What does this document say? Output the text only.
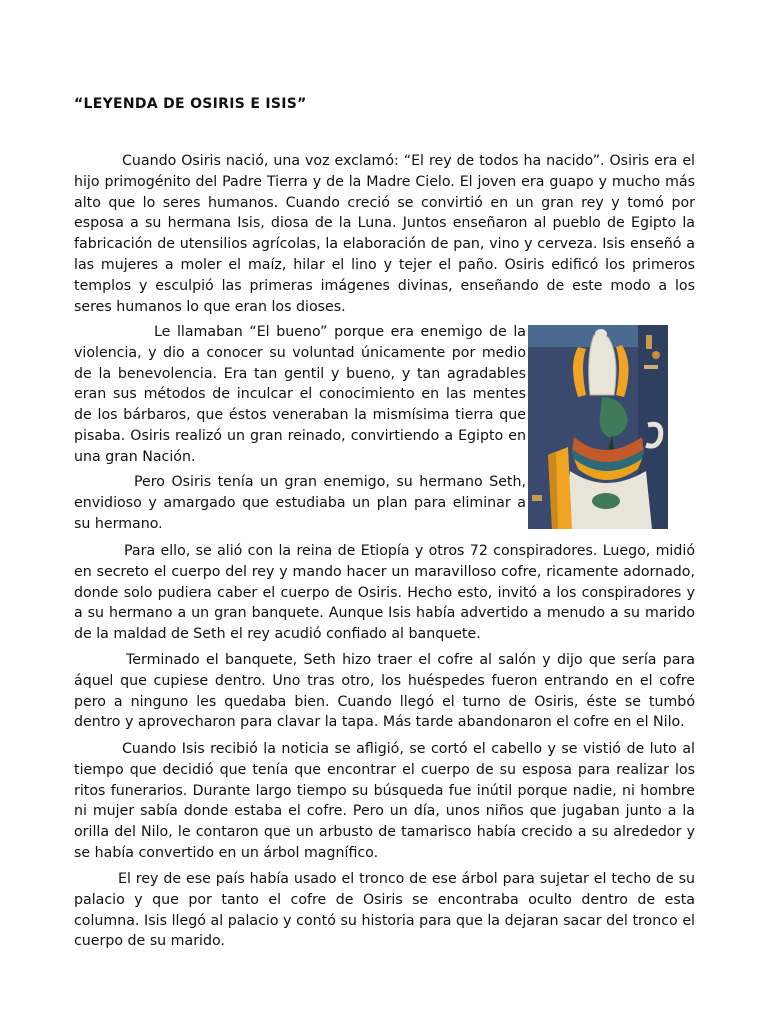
“LEYENDA DE OSIRIS E ISIS”

Cuando Osiris nació, una voz exclamó: “El rey de todos ha nacido”. Osiris era el hijo primogénito del Padre Tierra y de la Madre Cielo. El joven era guapo y mucho más alto que lo seres humanos. Cuando creció se convirtió en un gran rey y tomó por esposa a su hermana Isis, diosa de la Luna. Juntos enseñaron al pueblo de Egipto la fabricación de utensilios agrícolas, la elaboración de pan, vino y cerveza. Isis enseñó a las mujeres a moler el maíz, hilar el lino y tejer el paño. Osiris edificó los primeros templos y esculpió las primeras imágenes divinas, enseñando de este modo a los seres humanos lo que eran los dioses.

Le llamaban “El bueno” porque era enemigo de la violencia, y dio a conocer su voluntad únicamente por medio de la benevolencia. Era tan gentil y bueno, y tan agradables eran sus métodos de inculcar el conocimiento en las mentes de los bárbaros, que éstos veneraban la mismísima tierra que pisaba. Osiris realizó un gran reinado, convirtiendo a Egipto en una gran Nación.

Pero Osiris tenía un gran enemigo, su hermano Seth, envidioso y amargado que estudiaba un plan para eliminar a su hermano.

Para ello, se alió con la reina de Etiopía y otros 72 conspiradores. Luego, midió en secreto el cuerpo del rey y mando hacer un maravilloso cofre, ricamente adornado, donde solo pudiera caber el cuerpo de Osiris. Hecho esto, invitó a los conspiradores y a su hermano a un gran banquete. Aunque Isis había advertido a menudo a su marido de la maldad de Seth el rey acudió confiado al banquete.

Terminado el banquete, Seth hizo traer el cofre al salón y dijo que sería para áquel que cupiese dentro. Uno tras otro, los huéspedes fueron entrando en el cofre pero a ninguno les quedaba bien. Cuando llegó el turno de Osiris, éste se tumbó dentro y aprovecharon para clavar la tapa. Más tarde abandonaron el cofre en el Nilo.

Cuando Isis recibió la noticia se afligió, se cortó el cabello y se vistió de luto al tiempo que decidió que tenía que encontrar el cuerpo de su esposa para realizar los ritos funerarios. Durante largo tiempo su búsqueda fue inútil porque nadie, ni hombre ni mujer sabía donde estaba el cofre. Pero un día, unos niños que jugaban junto a la orilla del Nilo, le contaron que un arbusto de tamarisco había crecido a su alrededor y se había convertido en un árbol magnífico.

El rey de ese país había usado el tronco de ese árbol para sujetar el techo de su palacio y que por tanto el cofre de Osiris se encontraba oculto dentro de esta columna. Isis llegó al palacio y contó su historia para que la dejaran sacar del tronco el cuerpo de su marido.
